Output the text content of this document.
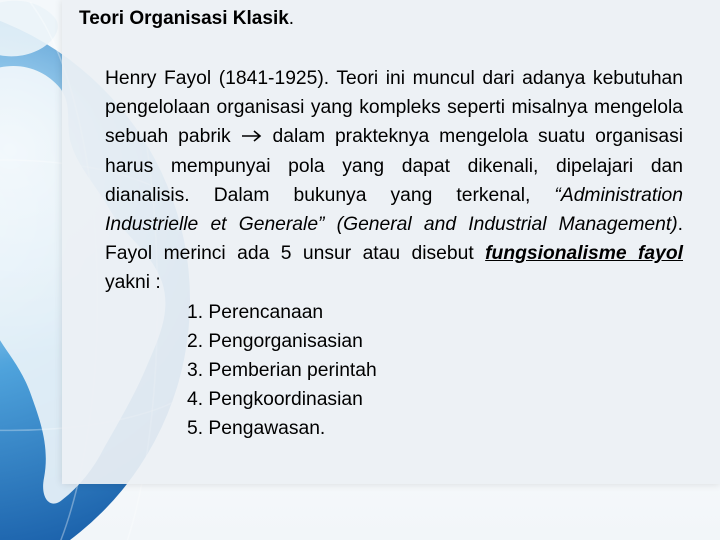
Teori Organisasi Klasik.

Henry Fayol (1841-1925). Teori ini muncul dari adanya kebutuhan pengelolaan organisasi yang kompleks seperti misalnya mengelola sebuah pabrik  dalam prakteknya mengelola suatu organisasi harus mempunyai pola yang dapat dikenali, dipelajari dan dianalisis. Dalam bukunya yang terkenal, “Administration Industrielle et Generale” (General and Industrial Management). Fayol merinci ada 5 unsur atau disebut fungsionalisme fayol yakni :

1. Perencanaan
2. Pengorganisasian
3. Pemberian perintah
4. Pengkoordinasian
5. Pengawasan.
